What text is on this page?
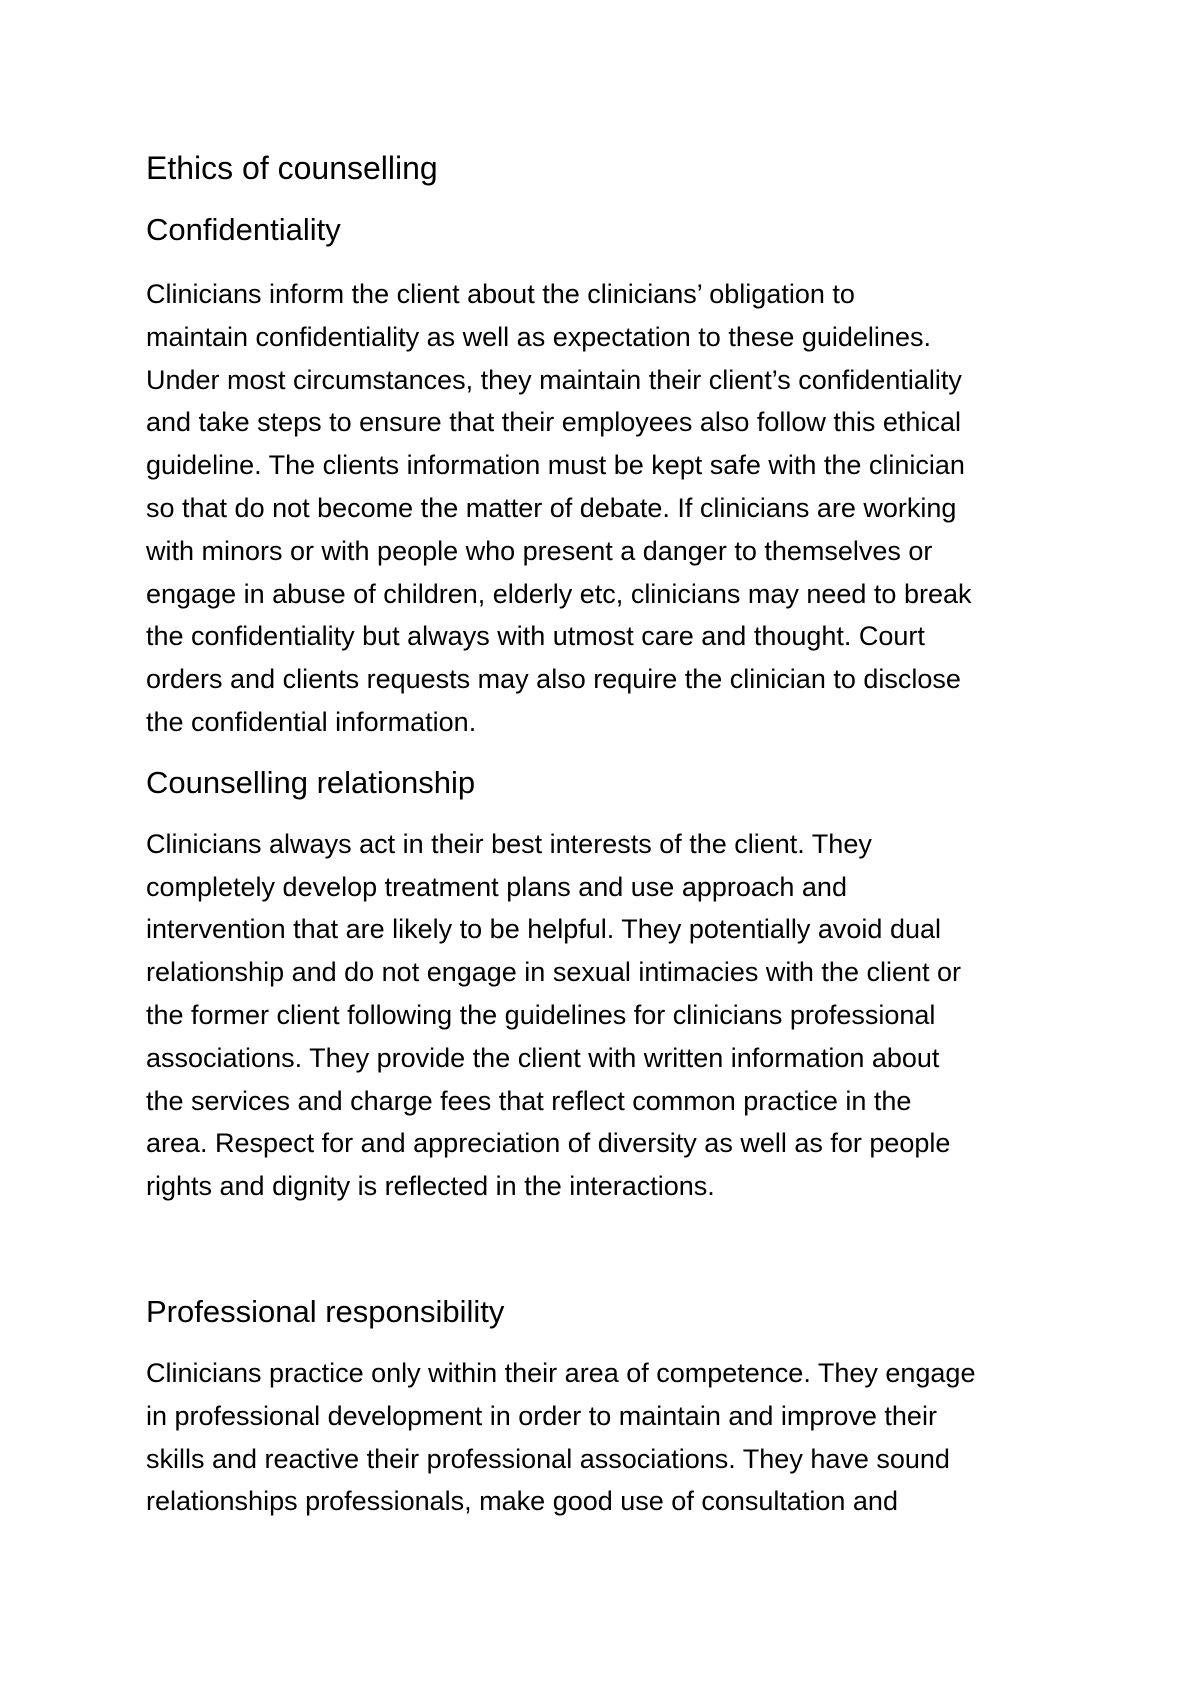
Ethics of counselling
Confidentiality
Clinicians inform the client about the clinicians’ obligation to
maintain confidentiality as well as expectation to these guidelines.
Under most circumstances, they maintain their client’s confidentiality
and take steps to ensure that their employees also follow this ethical
guideline. The clients information must be kept safe with the clinician
so that do not become the matter of debate. If clinicians are working
with minors or with people who present a danger to themselves or
engage in abuse of children, elderly etc, clinicians may need to break
the confidentiality but always with utmost care and thought. Court
orders and clients requests may also require the clinician to disclose
the confidential information.
Counselling relationship
Clinicians always act in their best interests of the client. They
completely develop treatment plans and use approach and
intervention that are likely to be helpful. They potentially avoid dual
relationship and do not engage in sexual intimacies with the client or
the former client following the guidelines for clinicians professional
associations. They provide the client with written information about
the services and charge fees that reflect common practice in the
area. Respect for and appreciation of diversity as well as for people
rights and dignity is reflected in the interactions.
Professional responsibility
Clinicians practice only within their area of competence. They engage
in professional development in order to maintain and improve their
skills and reactive their professional associations. They have sound
relationships professionals, make good use of consultation and
